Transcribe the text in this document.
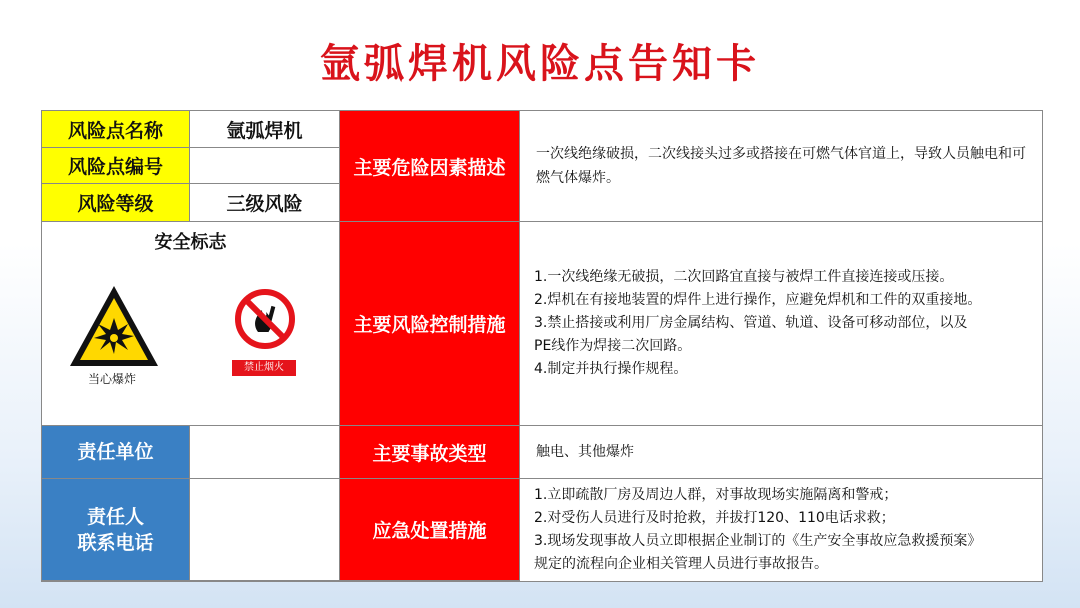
氩弧焊机风险点告知卡
风险点名称	氩弧焊机
风险点编号
风险等级	三级风险
安全标志
当心爆炸
禁止烟火
责任单位
责任人
联系电话
主要危险因素描述
主要风险控制措施
主要事故类型
应急处置措施
一次线绝缘破损，二次线接头过多或搭接在可燃气体官道上，导致人员触电和可燃气体爆炸。
1.一次线绝缘无破损，二次回路宜直接与被焊工件直接连接或压接。
2.焊机在有接地装置的焊件上进行操作，应避免焊机和工件的双重接地。
3.禁止搭接或利用厂房金属结构、管道、轨道、设备可移动部位，以及
PE线作为焊接二次回路。
4.制定并执行操作规程。
触电、其他爆炸
1.立即疏散厂房及周边人群，对事故现场实施隔离和警戒；
2.对受伤人员进行及时抢救，并拔打120、110电话求救；
3.现场发现事故人员立即根据企业制订的《生产安全事故应急救援预案》
规定的流程向企业相关管理人员进行事故报告。
